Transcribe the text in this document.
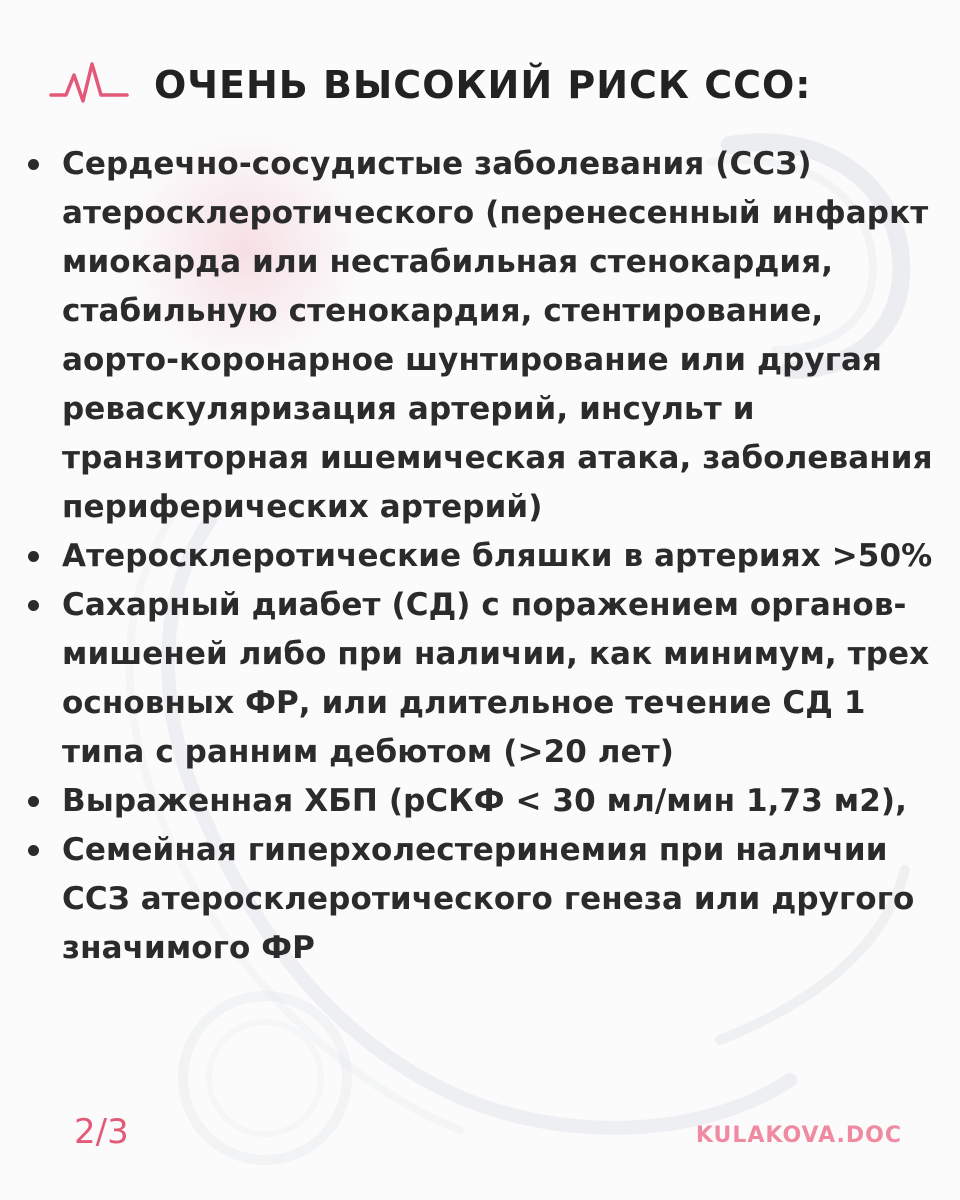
ОЧЕНЬ ВЫСОКИЙ РИСК ССО:
Сердечно-сосудистые заболевания (ССЗ) атеросклеротического (перенесенный инфаркт миокарда или нестабильная стенокардия, стабильную стенокардия, стентирование, аорто-коронарное шунтирование или другая реваскуляризация артерий, инсульт и транзиторная ишемическая атака, заболевания периферических артерий)
Атеросклеротические бляшки в артериях >50%
Сахарный диабет (СД) с поражением органов-мишеней либо при наличии, как минимум, трех основных ФР, или длительное течение СД 1 типа с ранним дебютом (>20 лет)
Выраженная ХБП (рСКФ < 30 мл/мин 1,73 м2),
Семейная гиперхолестеринемия при наличии ССЗ атеросклеротического генеза или другого значимого ФР
2/3	KULAKOVA.DOC
